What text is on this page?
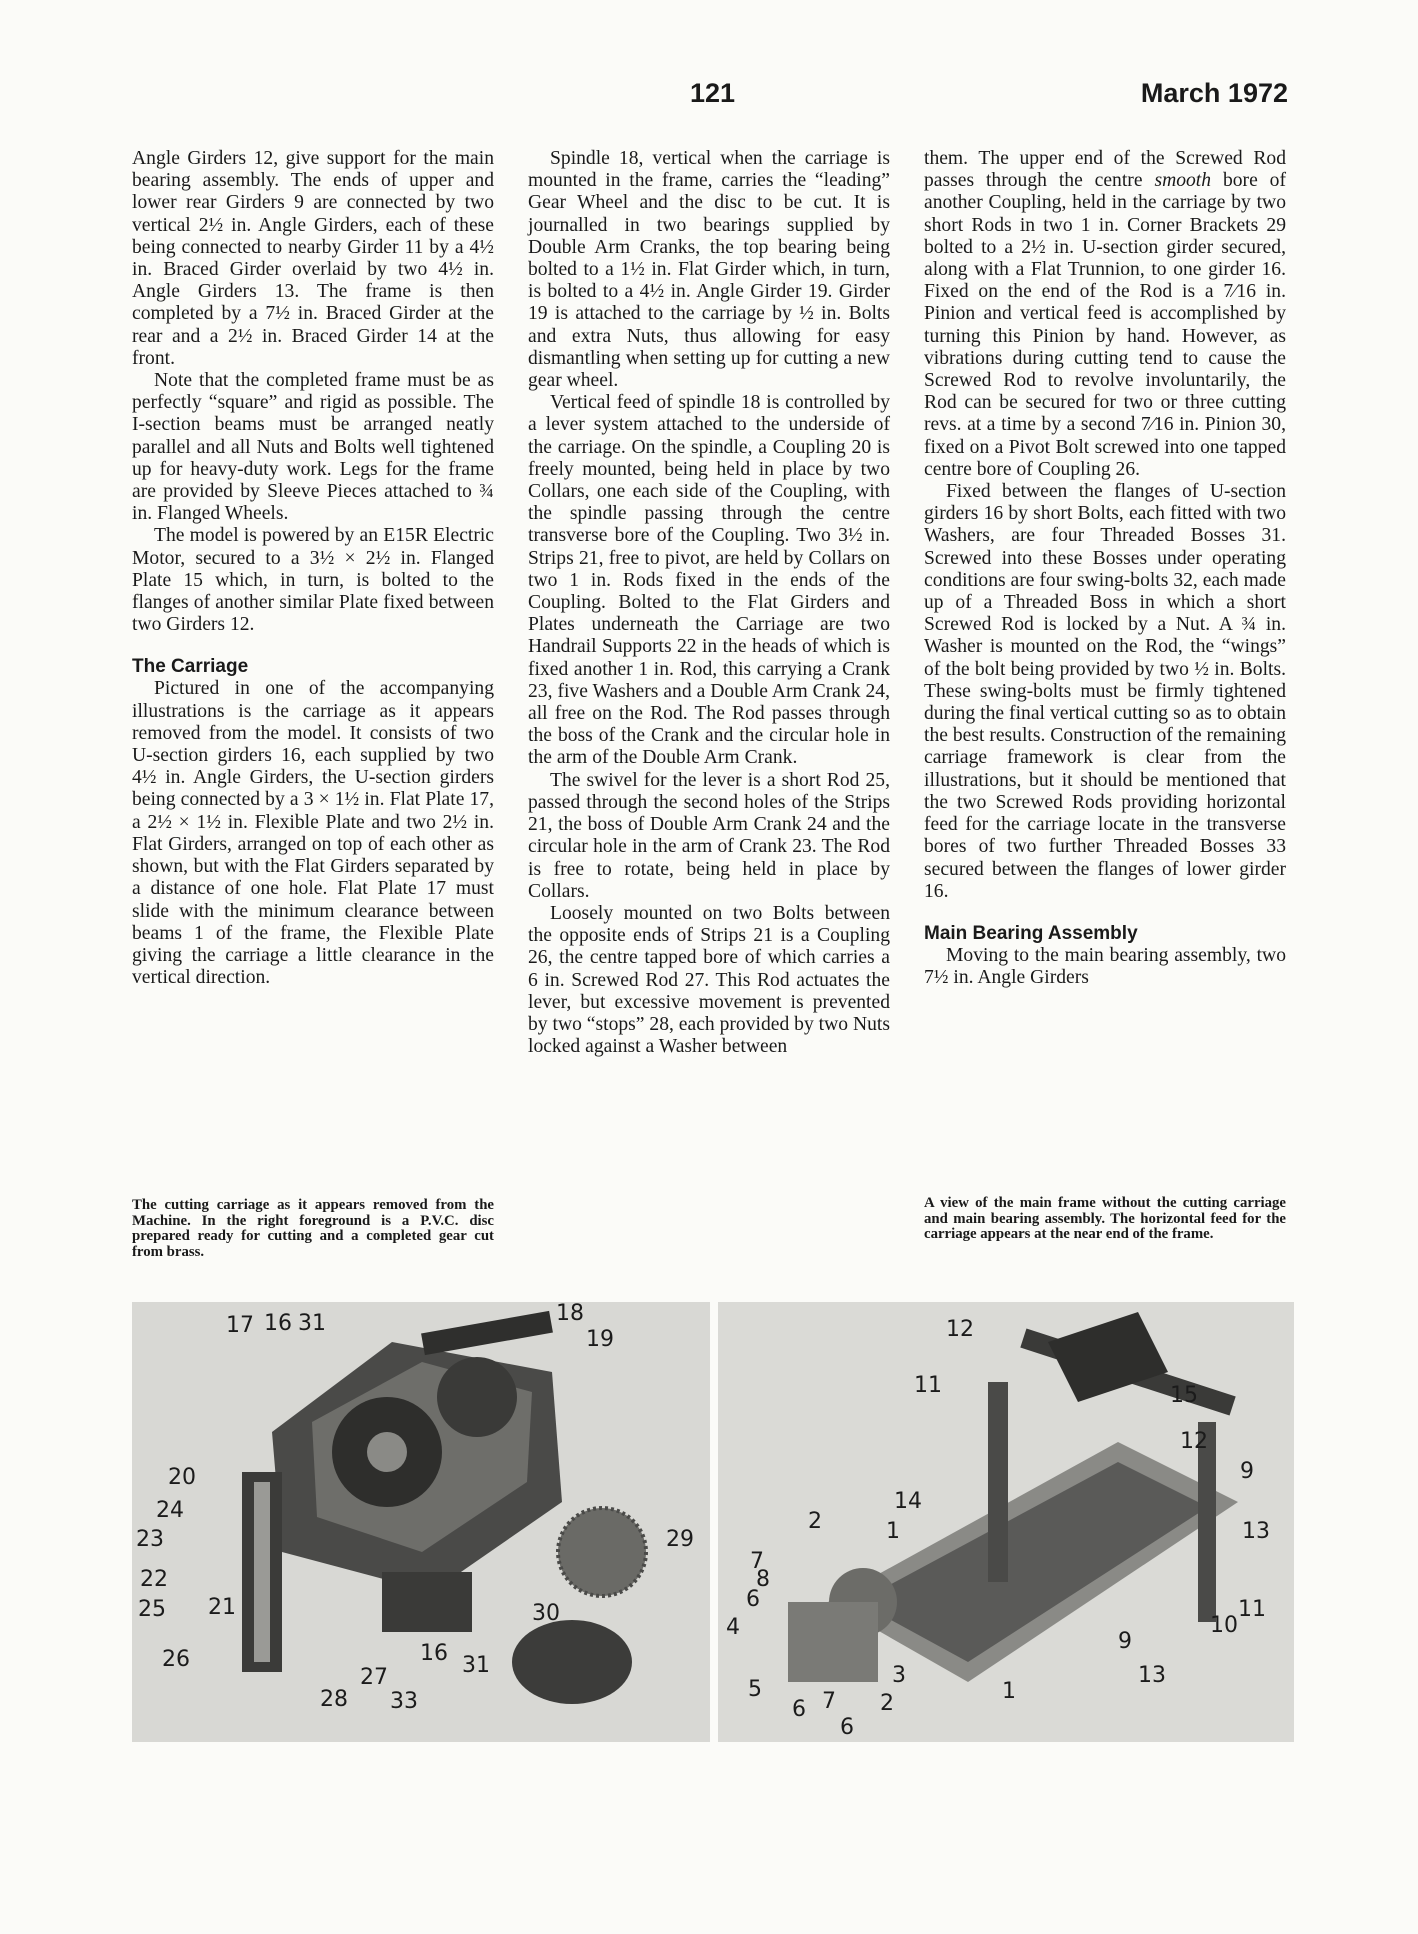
121	March 1972

Angle Girders 12, give support for the main bearing assembly. The ends of upper and lower rear Girders 9 are connected by two vertical 2½ in. Angle Girders, each of these being connected to nearby Girder 11 by a 4½ in. Braced Girder overlaid by two 4½ in. Angle Girders 13. The frame is then completed by a 7½ in. Braced Girder at the rear and a 2½ in. Braced Girder 14 at the front.

Note that the completed frame must be as perfectly “square” and rigid as possible. The I-section beams must be arranged neatly parallel and all Nuts and Bolts well tightened up for heavy-duty work. Legs for the frame are provided by Sleeve Pieces attached to ¾ in. Flanged Wheels.

The model is powered by an E15R Electric Motor, secured to a 3½ × 2½ in. Flanged Plate 15 which, in turn, is bolted to the flanges of another similar Plate fixed between two Girders 12.

The Carriage

Pictured in one of the accompanying illustrations is the carriage as it appears removed from the model. It consists of two U-section girders 16, each supplied by two 4½ in. Angle Girders, the U-section girders being connected by a 3 × 1½ in. Flat Plate 17, a 2½ × 1½ in. Flexible Plate and two 2½ in. Flat Girders, arranged on top of each other as shown, but with the Flat Girders separated by a distance of one hole. Flat Plate 17 must slide with the minimum clearance between beams 1 of the frame, the Flexible Plate giving the carriage a little clearance in the vertical direction.

Spindle 18, vertical when the carriage is mounted in the frame, carries the “leading” Gear Wheel and the disc to be cut. It is journalled in two bearings supplied by Double Arm Cranks, the top bearing being bolted to a 1½ in. Flat Girder which, in turn, is bolted to a 4½ in. Angle Girder 19. Girder 19 is attached to the carriage by ½ in. Bolts and extra Nuts, thus allowing for easy dismantling when setting up for cutting a new gear wheel.

Vertical feed of spindle 18 is controlled by a lever system attached to the underside of the carriage. On the spindle, a Coupling 20 is freely mounted, being held in place by two Collars, one each side of the Coupling, with the spindle passing through the centre transverse bore of the Coupling. Two 3½ in. Strips 21, free to pivot, are held by Collars on two 1 in. Rods fixed in the ends of the Coupling. Bolted to the Flat Girders and Plates underneath the Carriage are two Handrail Supports 22 in the heads of which is fixed another 1 in. Rod, this carrying a Crank 23, five Washers and a Double Arm Crank 24, all free on the Rod. The Rod passes through the boss of the Crank and the circular hole in the arm of the Double Arm Crank.

The swivel for the lever is a short Rod 25, passed through the second holes of the Strips 21, the boss of Double Arm Crank 24 and the circular hole in the arm of Crank 23. The Rod is free to rotate, being held in place by Collars.

Loosely mounted on two Bolts between the opposite ends of Strips 21 is a Coupling 26, the centre tapped bore of which carries a 6 in. Screwed Rod 27. This Rod actuates the lever, but excessive movement is prevented by two “stops” 28, each provided by two Nuts locked against a Washer between

them. The upper end of the Screwed Rod passes through the centre smooth bore of another Coupling, held in the carriage by two short Rods in two 1 in. Corner Brackets 29 bolted to a 2½ in. U-section girder secured, along with a Flat Trunnion, to one girder 16. Fixed on the end of the Rod is a 7⁄16 in. Pinion and vertical feed is accomplished by turning this Pinion by hand. However, as vibrations during cutting tend to cause the Screwed Rod to revolve involuntarily, the Rod can be secured for two or three cutting revs. at a time by a second 7⁄16 in. Pinion 30, fixed on a Pivot Bolt screwed into one tapped centre bore of Coupling 26.

Fixed between the flanges of U-section girders 16 by short Bolts, each fitted with two Washers, are four Threaded Bosses 31. Screwed into these Bosses under operating conditions are four swing-bolts 32, each made up of a Threaded Boss in which a short Screwed Rod is locked by a Nut. A ¾ in. Washer is mounted on the Rod, the “wings” of the bolt being provided by two ½ in. Bolts. These swing-bolts must be firmly tightened during the final vertical cutting so as to obtain the best results. Construction of the remaining carriage framework is clear from the illustrations, but it should be mentioned that the two Screwed Rods providing horizontal feed for the carriage locate in the transverse bores of two further Threaded Bosses 33 secured between the flanges of lower girder 16.

Main Bearing Assembly

Moving to the main bearing assembly, two 7½ in. Angle Girders

The cutting carriage as it appears removed from the Machine. In the right foreground is a P.V.C. disc prepared ready for cutting and a completed gear cut from brass.
A view of the main frame without the cutting carriage and main bearing assembly. The horizontal feed for the carriage appears at the near end of the frame.
17 16 31	18
19
20
24
23
22
25 21
29
30
16 31
26
27
28 33
12
11	15
12
9
14
1
2	13
7
8
6
4	10
11
9
13
5
6 7
3
2	1
6
